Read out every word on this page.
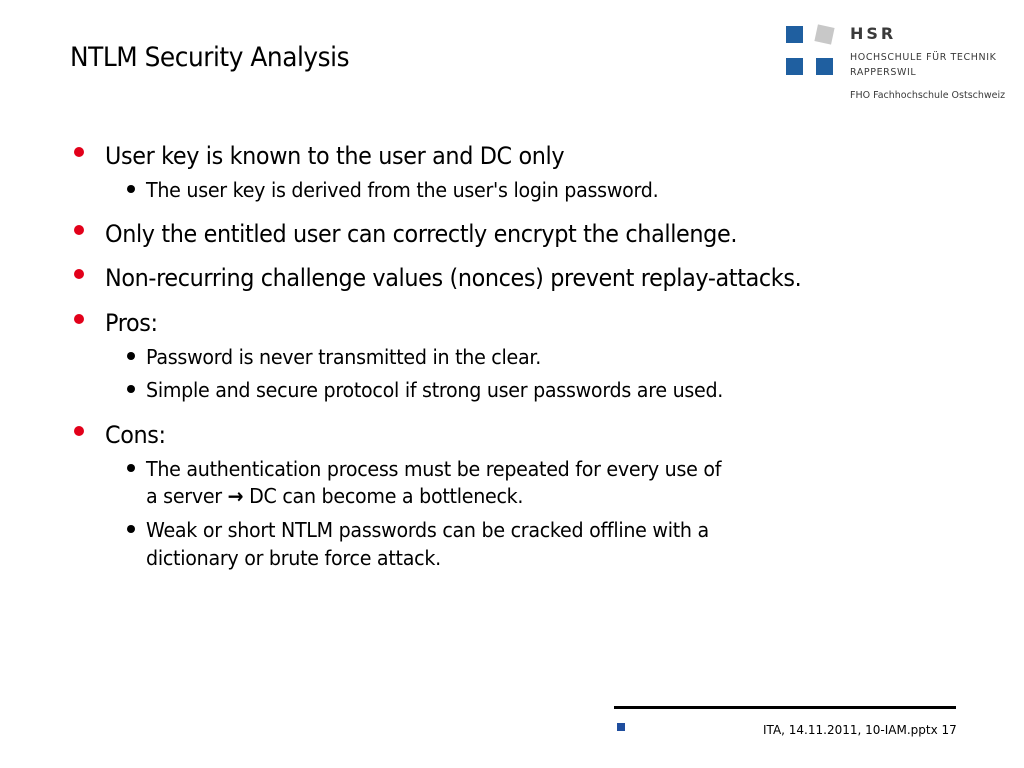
NTLM Security Analysis
HSR
HOCHSCHULE FÜR TECHNIK
RAPPERSWIL
FHO Fachhochschule Ostschweiz
User key is known to the user and DC only
The user key is derived from the user's login password.
Only the entitled user can correctly encrypt the challenge.
Non-recurring challenge values (nonces) prevent replay-attacks.
Pros:
Password is never transmitted in the clear.
Simple and secure protocol if strong user passwords are used.
Cons:
The authentication process must be repeated for every use of
a server → DC can become a bottleneck.
Weak or short NTLM passwords can be cracked offline with a
dictionary or brute force attack.
ITA, 14.11.2011, 10-IAM.pptx 17
